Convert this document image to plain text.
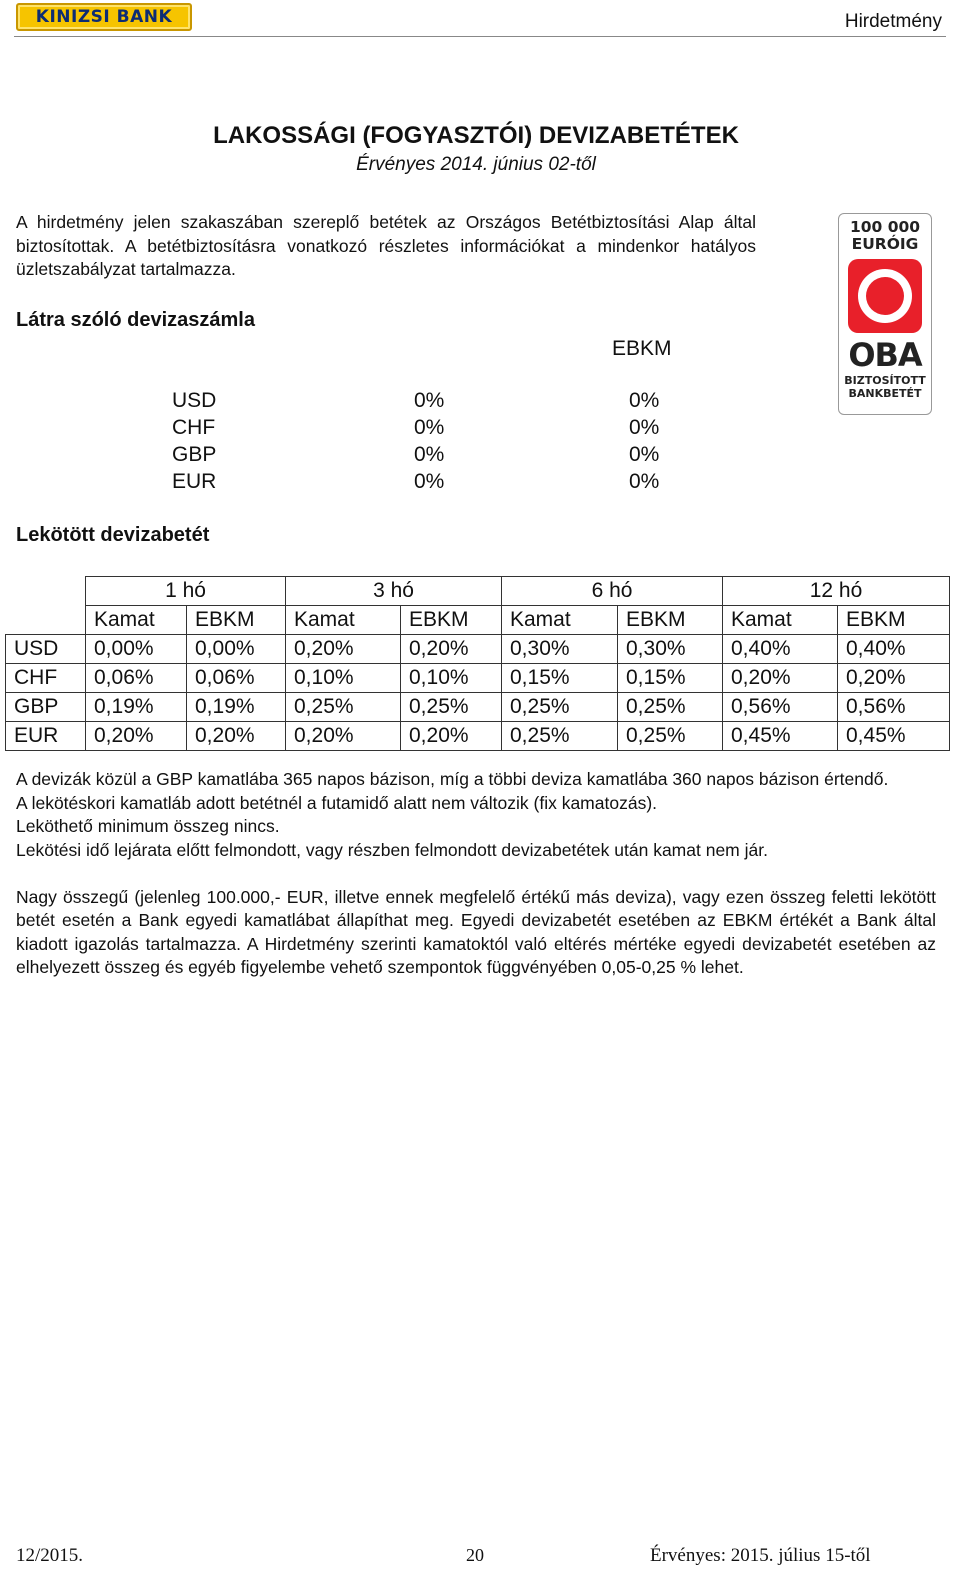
KINIZSI BANK	Hirdetmény
LAKOSSÁGI (FOGYASZTÓI) DEVIZABETÉTEK
Érvényes 2014. június 02-től
A hirdetmény jelen szakaszában szereplő betétek az Országos Betétbiztosítási Alap által biztosítottak. A betétbiztosításra vonatkozó részletes információkat a mindenkor hatályos üzletszabályzat tartalmazza.
100 000
EURÓIG
OBA
BIZTOSÍTOTT
BANKBETÉT
Látra szóló devizaszámla
EBKM
USD	0%	0%
CHF	0%	0%
GBP	0%	0%
EUR	0%	0%
Lekötött devizabetét
	1 hó		3 hó		6 hó		12 hó	
	Kamat	EBKM	Kamat	EBKM	Kamat	EBKM	Kamat	EBKM
USD	0,00%	0,00%	0,20%	0,20%	0,30%	0,30%	0,40%	0,40%
CHF	0,06%	0,06%	0,10%	0,10%	0,15%	0,15%	0,20%	0,20%
GBP	0,19%	0,19%	0,25%	0,25%	0,25%	0,25%	0,56%	0,56%
EUR	0,20%	0,20%	0,20%	0,20%	0,25%	0,25%	0,45%	0,45%

A devizák közül a GBP kamatlába 365 napos bázison, míg a többi deviza kamatlába 360 napos bázison értendő.

A lekötéskori kamatláb adott betétnél a futamidő alatt nem változik (fix kamatozás).

Leköthető minimum összeg nincs.

Lekötési idő lejárata előtt felmondott, vagy részben felmondott devizabetétek után kamat nem jár.

Nagy összegű (jelenleg 100.000,- EUR, illetve ennek megfelelő értékű más deviza), vagy ezen összeg feletti lekötött betét esetén a Bank egyedi kamatlábat állapíthat meg. Egyedi devizabetét esetében az EBKM értékét a Bank által kiadott igazolás tartalmazza. A Hirdetmény szerinti kamatoktól való eltérés mértéke egyedi devizabetét esetében az elhelyezett összeg és egyéb figyelembe vehető szempontok függvényében 0,05-0,25 % lehet.

12/2015.	20	Érvényes: 2015. július 15-től
